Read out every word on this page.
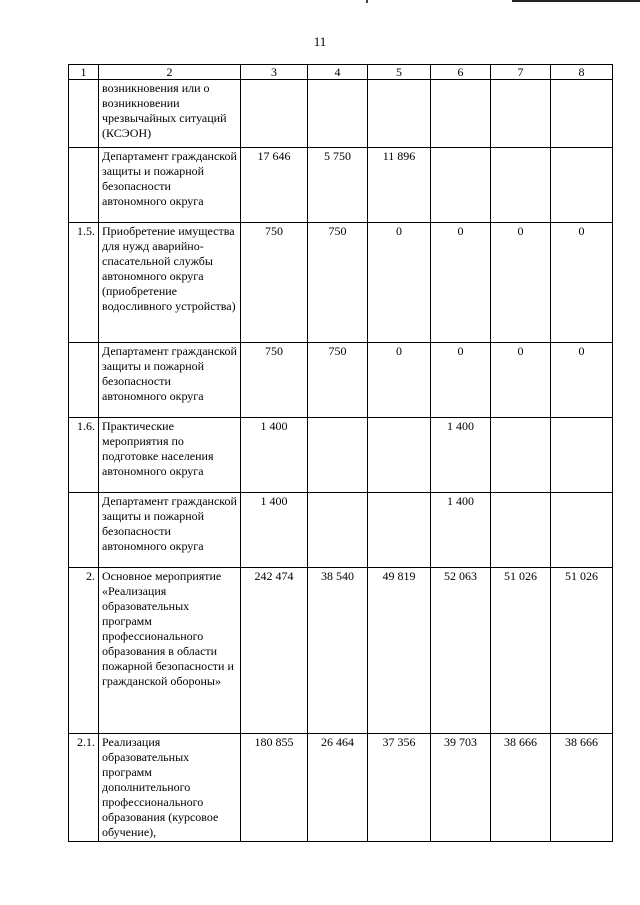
11
1	2	3	4	5	6	7	8
	возникновения или о возникновении чрезвычайных ситуаций (КСЭОН)						
	Департамент гражданской защиты и пожарной безопасности автономного округа	17 646	5 750	11 896			
1.5.	Приобретение имущества для нужд аварийно-спасательной службы автономного округа (приобретение водосливного устройства)	750	750	0	0	0	0
	Департамент гражданской защиты и пожарной безопасности автономного округа	750	750	0	0	0	0
1.6.	Практические мероприятия по подготовке населения автономного округа	1 400			1 400		
	Департамент гражданской защиты и пожарной безопасности автономного округа	1 400			1 400		
2.	Основное мероприятие «Реализация образовательных программ профессионального образования в области пожарной безопасности и гражданской обороны»	242 474	38 540	49 819	52 063	51 026	51 026
2.1.	Реализация образовательных программ дополнительного профессионального образования (курсовое обучение),	180 855	26 464	37 356	39 703	38 666	38 666
